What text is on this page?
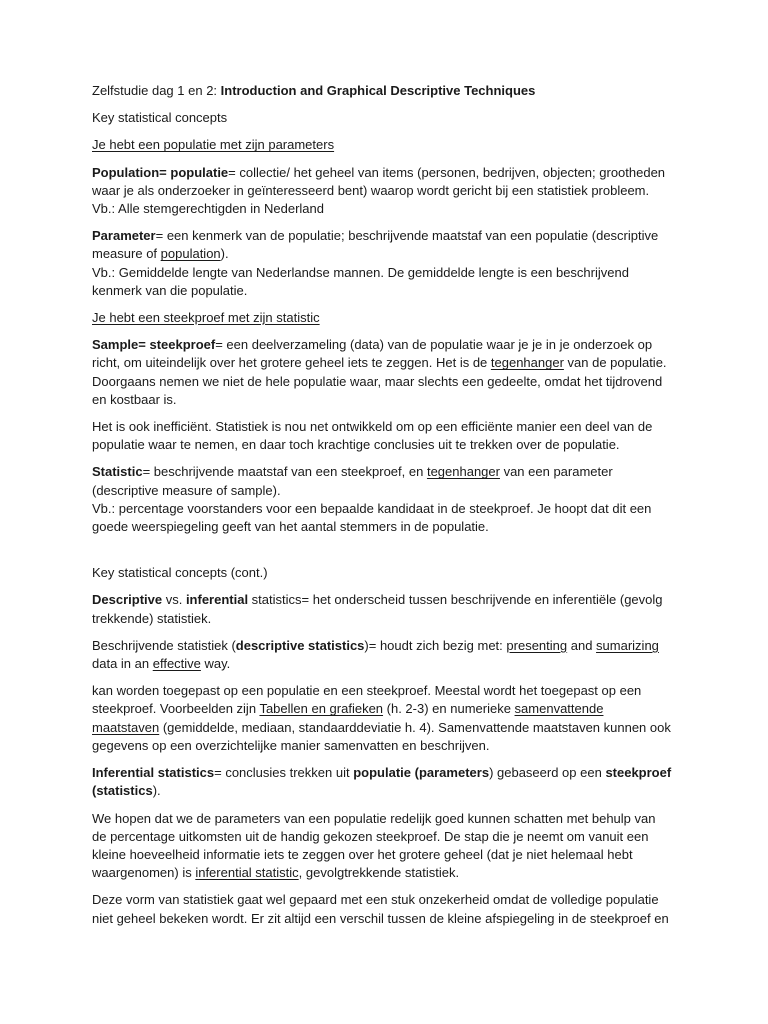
Zelfstudie dag 1 en 2: Introduction and Graphical Descriptive Techniques

Key statistical concepts

Je hebt een populatie met zijn parameters

Population= populatie= collectie/ het geheel van items (personen, bedrijven, objecten; grootheden
waar je als onderzoeker in geïnteresseerd bent) waarop wordt gericht bij een statistiek probleem.
Vb.: Alle stemgerechtigden in Nederland

Parameter= een kenmerk van de populatie; beschrijvende maatstaf van een populatie (descriptive
measure of population).
Vb.: Gemiddelde lengte van Nederlandse mannen. De gemiddelde lengte is een beschrijvend
kenmerk van die populatie.

Je hebt een steekproef met zijn statistic

Sample= steekproef= een deelverzameling (data) van de populatie waar je je in je onderzoek op
richt, om uiteindelijk over het grotere geheel iets te zeggen. Het is de tegenhanger van de populatie.
Doorgaans nemen we niet de hele populatie waar, maar slechts een gedeelte, omdat het tijdrovend
en kostbaar is.

Het is ook inefficiënt. Statistiek is nou net ontwikkeld om op een efficiënte manier een deel van de
populatie waar te nemen, en daar toch krachtige conclusies uit te trekken over de populatie.

Statistic= beschrijvende maatstaf van een steekproef, en tegenhanger van een parameter
(descriptive measure of sample).
Vb.: percentage voorstanders voor een bepaalde kandidaat in de steekproef. Je hoopt dat dit een
goede weerspiegeling geeft van het aantal stemmers in de populatie.

Key statistical concepts (cont.)

Descriptive vs. inferential statistics= het onderscheid tussen beschrijvende en inferentiële (gevolg
trekkende) statistiek.

Beschrijvende statistiek (descriptive statistics)= houdt zich bezig met: presenting and sumarizing
data in an effective way.

kan worden toegepast op een populatie en een steekproef. Meestal wordt het toegepast op een
steekproef. Voorbeelden zijn Tabellen en grafieken (h. 2-3) en numerieke samenvattende
maatstaven (gemiddelde, mediaan, standaarddeviatie h. 4). Samenvattende maatstaven kunnen ook
gegevens op een overzichtelijke manier samenvatten en beschrijven.

Inferential statistics= conclusies trekken uit populatie (parameters) gebaseerd op een steekproef
(statistics).

We hopen dat we de parameters van een populatie redelijk goed kunnen schatten met behulp van
de percentage uitkomsten uit de handig gekozen steekproef. De stap die je neemt om vanuit een
kleine hoeveelheid informatie iets te zeggen over het grotere geheel (dat je niet helemaal hebt
waargenomen) is inferential statistic, gevolgtrekkende statistiek.

Deze vorm van statistiek gaat wel gepaard met een stuk onzekerheid omdat de volledige populatie
niet geheel bekeken wordt. Er zit altijd een verschil tussen de kleine afspiegeling in de steekproef en
